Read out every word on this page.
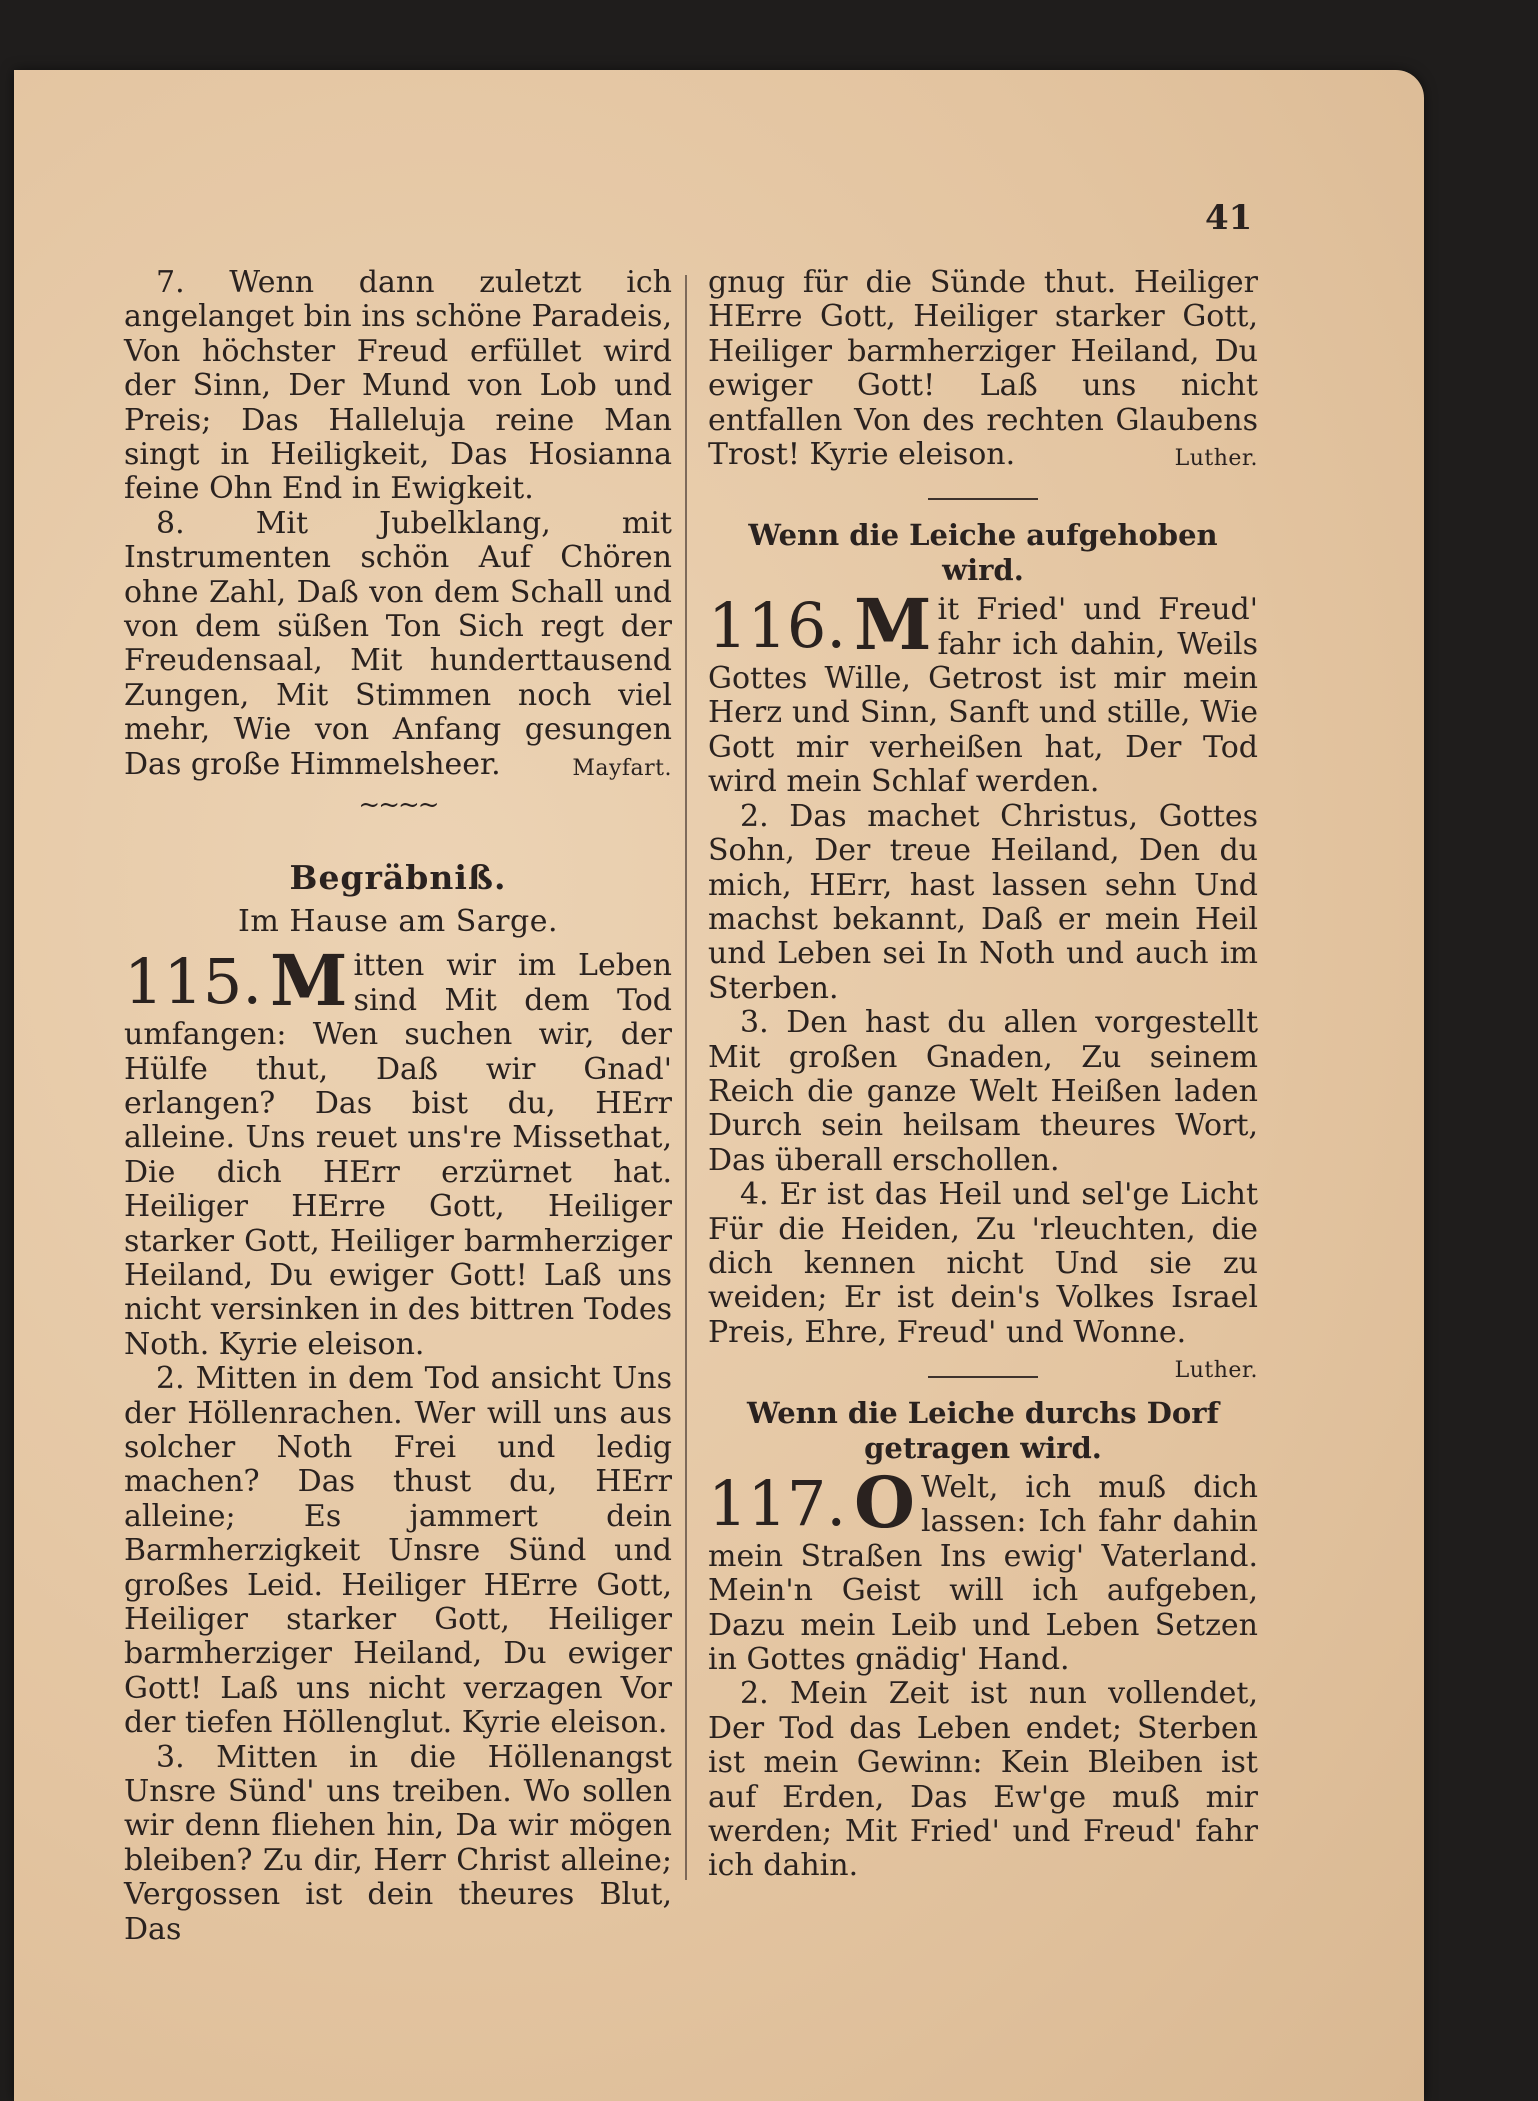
41

7. Wenn dann zuletzt ich angelanget bin ins schöne Paradeis, Von höchster Freud erfüllet wird der Sinn, Der Mund von Lob und Preis; Das Halleluja reine Man singt in Heiligkeit, Das Hosianna feine Ohn End in Ewigkeit.

8. Mit Jubelklang, mit Instrumenten schön Auf Chören ohne Zahl, Daß von dem Schall und von dem süßen Ton Sich regt der Freudensaal, Mit hunderttausend Zungen, Mit Stimmen noch viel mehr, Wie von Anfang gesungen Das große Himmelsheer.	Mayfart.

~~~~
Begräbniß.
Im Hause am Sarge.
115. M itten wir im Leben sind Mit dem Tod umfangen: Wen suchen wir, der Hülfe thut, Daß wir Gnad' erlangen? Das bist du, HErr alleine. Uns reuet uns're Missethat, Die dich HErr erzürnet hat. Heiliger HErre Gott, Heiliger starker Gott, Heiliger barmherziger Heiland, Du ewiger Gott! Laß uns nicht versinken in des bittren Todes Noth. Kyrie eleison.

2. Mitten in dem Tod ansicht Uns der Höllenrachen. Wer will uns aus solcher Noth Frei und ledig machen? Das thust du, HErr alleine; Es jammert dein Barmherzigkeit Unsre Sünd und großes Leid. Heiliger HErre Gott, Heiliger starker Gott, Heiliger barmherziger Heiland, Du ewiger Gott! Laß uns nicht verzagen Vor der tiefen Höllenglut. Kyrie eleison.

3. Mitten in die Höllenangst Unsre Sünd' uns treiben. Wo sollen wir denn fliehen hin, Da wir mögen bleiben? Zu dir, Herr Christ alleine; Vergossen ist dein theures Blut, Das

gnug für die Sünde thut. Heiliger HErre Gott, Heiliger starker Gott, Heiliger barmherziger Heiland, Du ewiger Gott! Laß uns nicht entfallen Von des rechten Glaubens Trost! Kyrie eleison.	Luther.

Wenn die Leiche aufgehoben wird.
116. M it Fried' und Freud' fahr ich dahin, Weils Gottes Wille, Getrost ist mir mein Herz und Sinn, Sanft und stille, Wie Gott mir verheißen hat, Der Tod wird mein Schlaf werden.

2. Das machet Christus, Gottes Sohn, Der treue Heiland, Den du mich, HErr, hast lassen sehn Und machst bekannt, Daß er mein Heil und Leben sei In Noth und auch im Sterben.

3. Den hast du allen vorgestellt Mit großen Gnaden, Zu seinem Reich die ganze Welt Heißen laden Durch sein heilsam theures Wort, Das überall erschollen.

4. Er ist das Heil und sel'ge Licht Für die Heiden, Zu 'rleuchten, die dich kennen nicht Und sie zu weiden; Er ist dein's Volkes Israel Preis, Ehre, Freud' und Wonne.
Luther.

Wenn die Leiche durchs Dorf getragen wird.
117. O Welt, ich muß dich lassen: Ich fahr dahin mein Straßen Ins ewig' Vaterland. Mein'n Geist will ich aufgeben, Dazu mein Leib und Leben Setzen in Gottes gnädig' Hand.

2. Mein Zeit ist nun vollendet, Der Tod das Leben endet; Sterben ist mein Gewinn: Kein Bleiben ist auf Erden, Das Ew'ge muß mir werden; Mit Fried' und Freud' fahr ich dahin.
